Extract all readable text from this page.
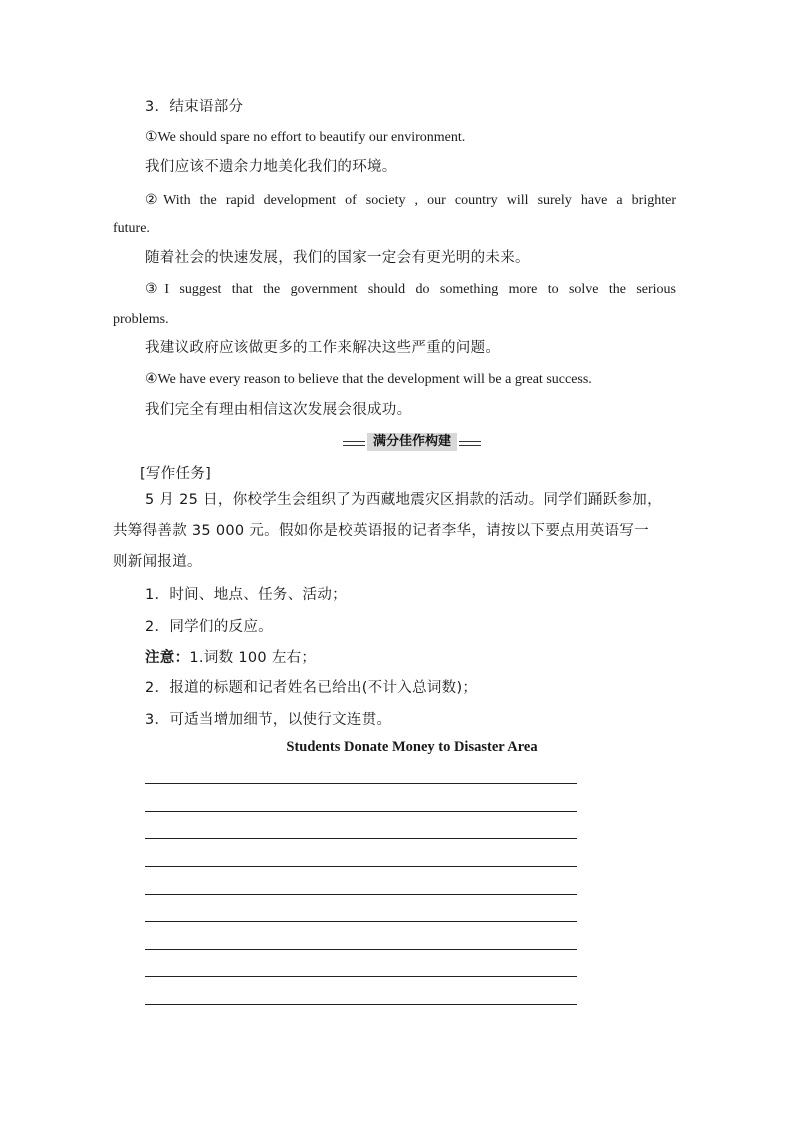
3．结束语部分
①We should spare no effort to beautify our environment.
我们应该不遗余力地美化我们的环境。
②With the rapid development of society , our country will surely have a brighter
future.
随着社会的快速发展，我们的国家一定会有更光明的未来。
③I suggest that the government should do something more to solve the serious
problems.
我建议政府应该做更多的工作来解决这些严重的问题。
④We have every reason to believe that the development will be a great success.
我们完全有理由相信这次发展会很成功。
满分佳作构建
[写作任务]
5 月 25 日，你校学生会组织了为西藏地震灾区捐款的活动。同学们踊跃参加，
共筹得善款 35 000 元。假如你是校英语报的记者李华，请按以下要点用英语写一
则新闻报道。
1．时间、地点、任务、活动；
2．同学们的反应。
注意：1.词数 100 左右；
2．报道的标题和记者姓名已给出(不计入总词数)；
3．可适当增加细节，以使行文连贯。
Students Donate Money to Disaster Area
